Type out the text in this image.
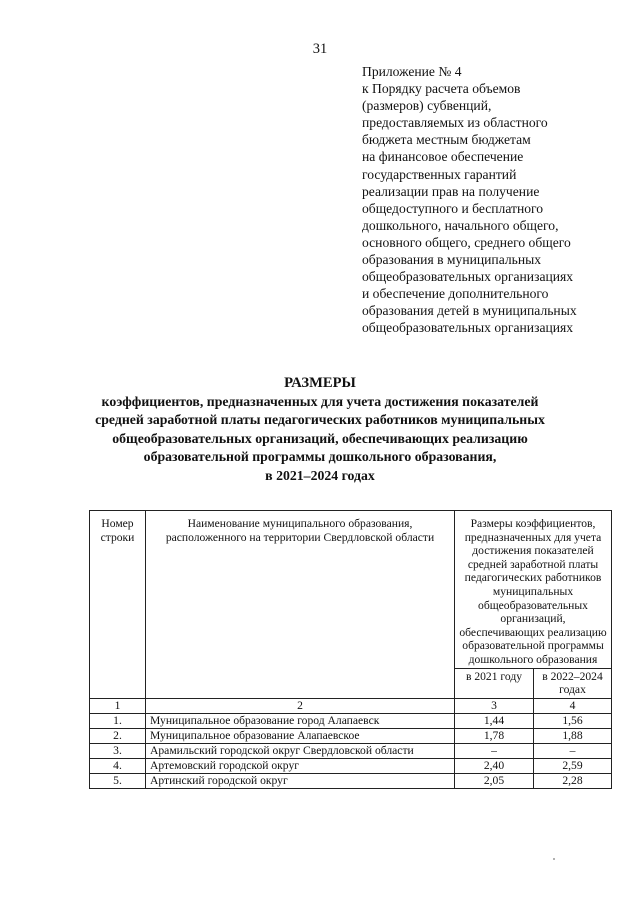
31
Приложение № 4
к Порядку расчета объемов
(размеров) субвенций,
предоставляемых из областного
бюджета местным бюджетам
на финансовое обеспечение
государственных гарантий
реализации прав на получение
общедоступного и бесплатного
дошкольного, начального общего,
основного общего, среднего общего
образования в муниципальных
общеобразовательных организациях
и обеспечение дополнительного
образования детей в муниципальных
общеобразовательных организациях
РАЗМЕРЫ
коэффициентов, предназначенных для учета достижения показателей
средней заработной платы педагогических работников муниципальных
общеобразовательных организаций, обеспечивающих реализацию
образовательной программы дошкольного образования,
в 2021–2024 годах
Номер строки	Наименование муниципального образования, расположенного на территории Свердловской области	Размеры коэффициентов, предназначенных для учета достижения показателей средней заработной платы педагогических работников муниципальных общеобразовательных организаций, обеспечивающих реализацию образовательной программы дошкольного образования	
		в 2021 году	в 2022–2024 годах
1	2	3	4
1.	Муниципальное образование город Алапаевск	1,44	1,56
2.	Муниципальное образование Алапаевское	1,78	1,88
3.	Арамильский городской округ Свердловской области	–	–
4.	Артемовский городской округ	2,40	2,59
5.	Артинский городской округ	2,05	2,28
